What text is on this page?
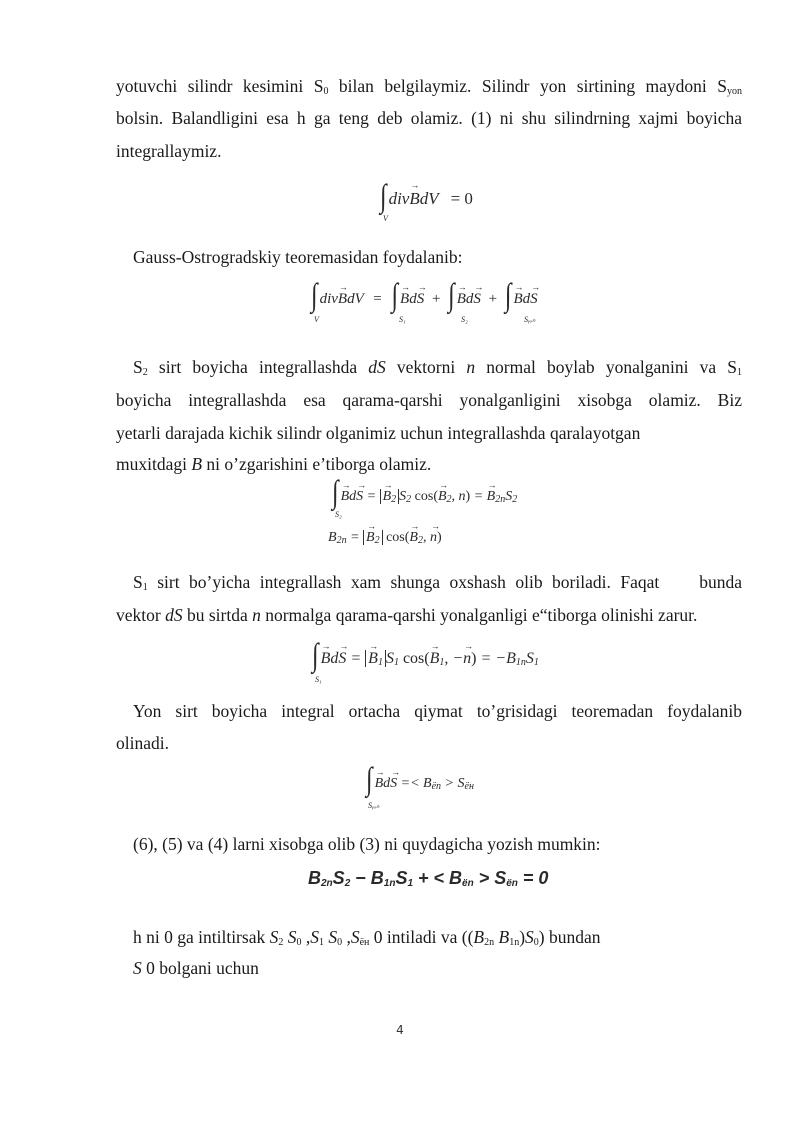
yotuvchi silindr kesimini $S_0$ bilan belgilaymiz. Silindr yon sirtining maydoni $S_{yon}$

bolsin. Balandligini esa h ga teng deb olamiz. (1) ni shu silindrning xajmi boyicha

integrallaymiz.

∫ div→ BdV = 0
V

Gauss-Ostrogradskiy teoremasidan foydalanib:

∫ div→ BdV = ∫ → Bd→ S + ∫ → Bd→ S + ∫ → Bd→ S
V	S₁	S₂	Sᵧₒₙ

$S_2$ sirt boyicha integrallashda dS vektorni n normal boylab yonalganini va $S_1$

boyicha integrallashda esa qarama-qarshi yonalganligini xisobga olamiz. Biz

yetarli darajada kichik silindr olganimiz uchun integrallashda qaralayotgan

muxitdagi B ni o’zgarishini e’tiborga olamiz.

∫ → Bd→ S = → $B_2$ $S_2$ $\cos(\to B_2$, n) = → $B_{2n}S_2$
S₂
$B_{2n}$ = → $B_2$ $\cos(\to B_2$, → n)

$S_1$ sirt bo’yicha integrallash xam shunga oxshash olib boriladi. Faqat bunda

vektor dS bu sirtda n normalga qarama-qarshi yonalganligi e“tiborga olinishi zarur.

∫ → Bd→ S = → $B_1$ $S_1$ $\cos(\to B_1$, −→ $n) = -B_{1n}S_1$
S₁

Yon sirt boyicha integral ortacha qiymat to’grisidagi teoremadan foydalanib

olinadi.

∫ → $Bd\to S =< B_{ёn} > S_{ён}$
Sᵧₒₙ

(6), (5) va (4) larni xisobga olib (3) ni quydagicha yozish mumkin:

$B_{2n}S_2 - B_{1n}S_1$ + < $B_{ёn} > S_{ёn} = 0$

h ni 0 ga intiltirsak $S_2$ $S_0$ $,S_1$ $S_0$ $,S_{ён}$ 0 intiladi va (($B_{2n}$ $B_{1n})S_0$) bundan

S 0 bolgani uchun

4
